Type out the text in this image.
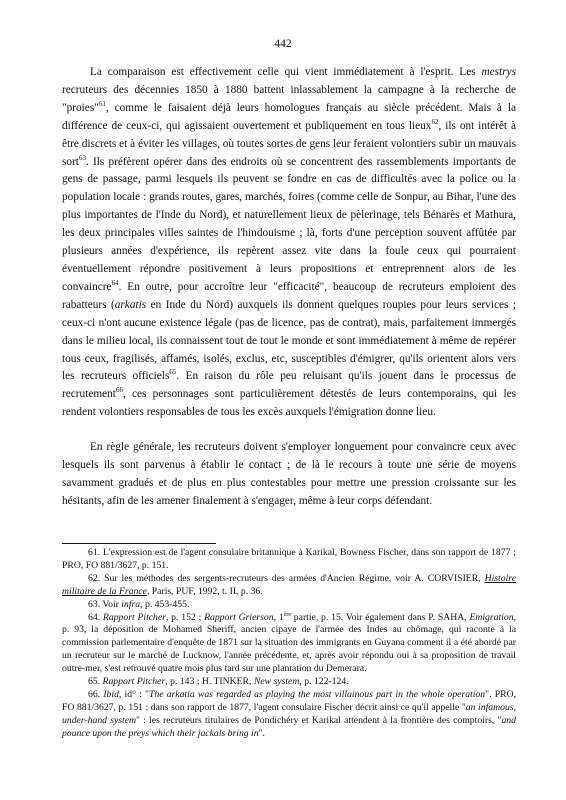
442

La comparaison est effectivement celle qui vient immédiatement à l'esprit. Les mestrys recruteurs des décennies 1850 à 1880 battent inlassablement la campagne à la recherche de "proies"$^{61}$, comme le faisaient déjà leurs homologues français au siècle précédent. Mais à la différence de ceux-ci, qui agissaient ouvertement et publiquement en tous lieux$^{62}$, ils ont intérêt à être discrets et à éviter les villages, où toutes sortes de gens leur feraient volontiers subir un mauvais sort$^{63}$. Ils préfèrent opérer dans des endroits où se concentrent des rassemblements importants de gens de passage, parmi lesquels ils peuvent se fondre en cas de difficultés avec la police ou la population locale : grands routes, gares, marchés, foires (comme celle de Sonpur, au Bihar, l'une des plus importantes de l'Inde du Nord), et naturellement lieux de pèlerinage, tels Bénarès et Mathura, les deux principales villes saintes de l'hindouisme ; là, forts d'une perception souvent affûtée par plusieurs années d'expérience, ils repèrent assez vite dans la foule ceux qui pourraient éventuellement répondre positivement à leurs propositions et entreprennent alors de les convaincre$^{64}$. En outre, pour accroître leur "efficacité", beaucoup de recruteurs emploient des rabatteurs (arkatis en Inde du Nord) auxquels ils donnent quelques roupies pour leurs services ; ceux-ci n'ont aucune existence légale (pas de licence, pas de contrat), mais, parfaitement immergés dans le milieu local, ils connaissent tout de tout le monde et sont immédiatement à même de repérer tous ceux, fragilisés, affamés, isolés, exclus, etc, susceptibles d'émigrer, qu'ils orientent alors vers les recruteurs officiels$^{65}$. En raison du rôle peu reluisant qu'ils jouent dans le processus de recrutement$^{66}$, ces personnages sont particulièrement détestés de leurs contemporains, qui les rendent volontiers responsables de tous les excès auxquels l'émigration donne lieu.

En règle générale, les recruteurs doivent s'employer longuement pour convaincre ceux avec lesquels ils sont parvenus à établir le contact ; de là le recours à toute une série de moyens savamment gradués et de plus en plus contestables pour mettre une pression croissante sur les hésitants, afin de les amener finalement à s'engager, même à leur corps défendant.

61. L'expression est de l'agent consulaire britannique à Karikal, Bowness Fischer, dans son rapport de 1877 ; PRO, FO 881/3627, p. 151.

62. Sur les méthodes des sergents-recruteurs des armées d'Ancien Régime, voir A. CORVISIER, Histoire militaire de la France, Paris, PUF, 1992, t. II, p. 36.

63. Voir infra, p. 453-455.

64. Rapport Pitcher, p. 152 ; Rapport Grierson, 1ère partie, p. 15. Voir également dans P. SAHA, Emigration, p. 93, la déposition de Mohamed Sheriff, ancien cipaye de l'armée des Indes au chômage, qui raconte à la commission parlementaire d'enquête de 1871 sur la situation des immigrants en Guyana comment il a été abordé par un recruteur sur le marché de Lucknow, l'année précédente, et, après avoir répondu oui à sa proposition de travail outre-mer, s'est retrouvé quatre mois plus tard sur une plantation du Demerara.

65. Rapport Pitcher, p. 143 ; H. TINKER, New system, p. 122-124.

66. Ibid, id° : "The arkatia was regarded as playing the most villainous part in the whole operation". PRO, FO 881/3627, p. 151 : dans son rapport de 1877, l'agent consulaire Fischer décrit ainsi ce qu'il appelle "an infamous, under-hand system" : les recruteurs titulaires de Pondichéry et Karikal attendent à la frontière des comptoirs, "and pounce upon the preys which their jackals bring in".
